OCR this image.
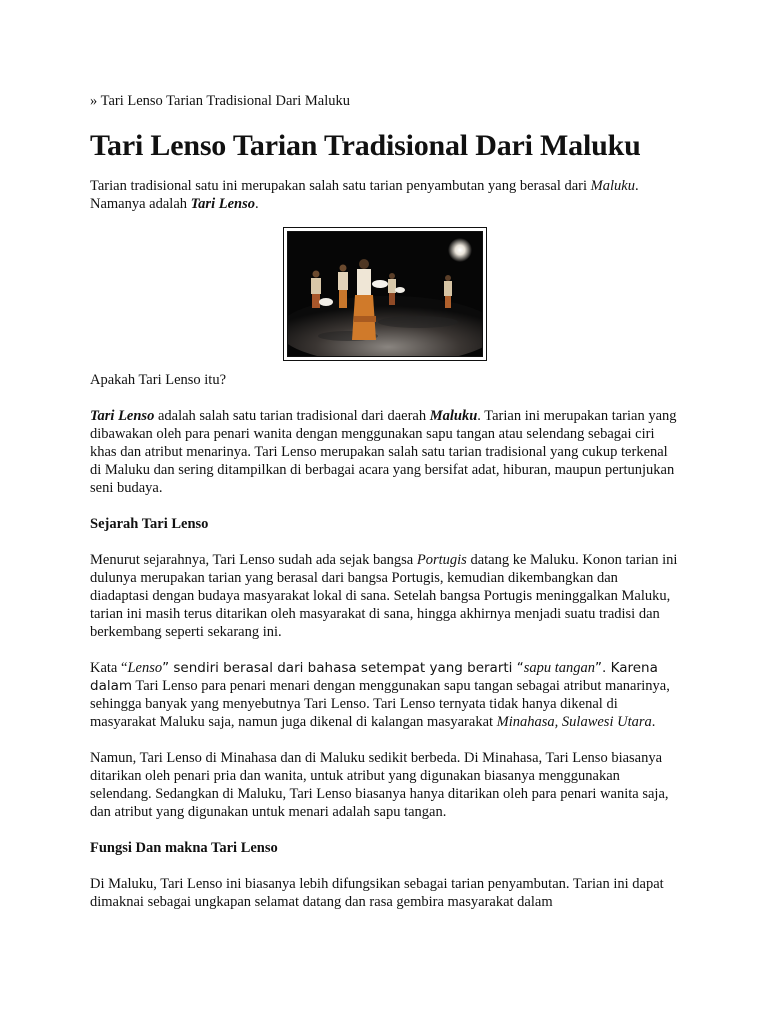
» Tari Lenso Tarian Tradisional Dari Maluku

Tari Lenso Tarian Tradisional Dari Maluku

Tarian tradisional satu ini merupakan salah satu tarian penyambutan yang berasal dari Maluku. Namanya adalah Tari Lenso.

Apakah Tari Lenso itu?

Tari Lenso adalah salah satu tarian tradisional dari daerah Maluku. Tarian ini merupakan tarian yang dibawakan oleh para penari wanita dengan menggunakan sapu tangan atau selendang sebagai ciri khas dan atribut menarinya. Tari Lenso merupakan salah satu tarian tradisional yang cukup terkenal di Maluku dan sering ditampilkan di berbagai acara yang bersifat adat, hiburan, maupun pertunjukan seni budaya.

Sejarah Tari Lenso

Menurut sejarahnya, Tari Lenso sudah ada sejak bangsa Portugis datang ke Maluku. Konon tarian ini dulunya merupakan tarian yang berasal dari bangsa Portugis, kemudian dikembangkan dan diadaptasi dengan budaya masyarakat lokal di sana. Setelah bangsa Portugis meninggalkan Maluku, tarian ini masih terus ditarikan oleh masyarakat di sana, hingga akhirnya menjadi suatu tradisi dan berkembang seperti sekarang ini.

Kata “Lenso” sendiri berasal dari bahasa setempat yang berarti “sapu tangan”. Karena dalam Tari Lenso para penari menari dengan menggunakan sapu tangan sebagai atribut manarinya, sehingga banyak yang menyebutnya Tari Lenso. Tari Lenso ternyata tidak hanya dikenal di masyarakat Maluku saja, namun juga dikenal di kalangan masyarakat Minahasa, Sulawesi Utara.

Namun, Tari Lenso di Minahasa dan di Maluku sedikit berbeda. Di Minahasa, Tari Lenso biasanya ditarikan oleh penari pria dan wanita, untuk atribut yang digunakan biasanya menggunakan selendang. Sedangkan di Maluku, Tari Lenso biasanya hanya ditarikan oleh para penari wanita saja, dan atribut yang digunakan untuk menari adalah sapu tangan.

Fungsi Dan makna Tari Lenso

Di Maluku, Tari Lenso ini biasanya lebih difungsikan sebagai tarian penyambutan. Tarian ini dapat dimaknai sebagai ungkapan selamat datang dan rasa gembira masyarakat dalam
